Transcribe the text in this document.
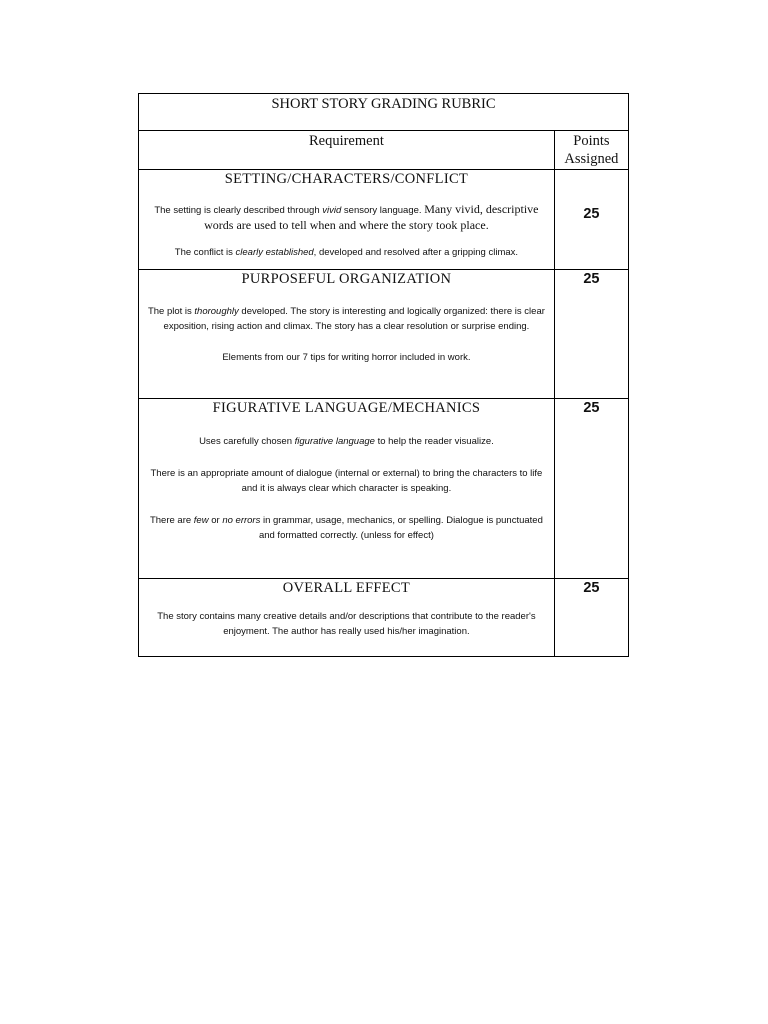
SHORT STORY GRADING RUBRIC	
Requirement	Points
Assigned

SETTING/CHARACTERS/CONFLICT

The setting is clearly described through vivid sensory language. Many vivid, descriptive words are used to tell when and where the story took place.

The conflict is clearly established, developed and resolved after a gripping climax.	25

PURPOSEFUL ORGANIZATION

The plot is thoroughly developed. The story is interesting and logically organized: there is clear exposition, rising action and climax. The story has a clear resolution or surprise ending.

Elements from our 7 tips for writing horror included in work.	25

FIGURATIVE LANGUAGE/MECHANICS

Uses carefully chosen figurative language to help the reader visualize.

There is an appropriate amount of dialogue (internal or external) to bring the characters to life and it is always clear which character is speaking.

There are few or no errors in grammar, usage, mechanics, or spelling. Dialogue is punctuated and formatted correctly. (unless for effect)	25

OVERALL EFFECT

The story contains many creative details and/or descriptions that contribute to the reader's enjoyment. The author has really used his/her imagination.	25
